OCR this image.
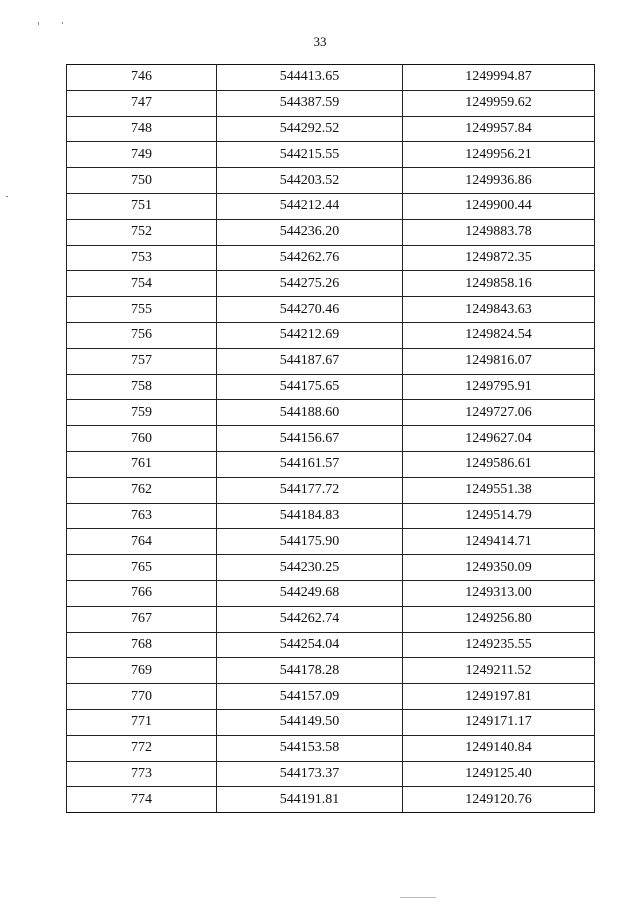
33
746	544413.65	1249994.87
747	544387.59	1249959.62
748	544292.52	1249957.84
749	544215.55	1249956.21
750	544203.52	1249936.86
751	544212.44	1249900.44
752	544236.20	1249883.78
753	544262.76	1249872.35
754	544275.26	1249858.16
755	544270.46	1249843.63
756	544212.69	1249824.54
757	544187.67	1249816.07
758	544175.65	1249795.91
759	544188.60	1249727.06
760	544156.67	1249627.04
761	544161.57	1249586.61
762	544177.72	1249551.38
763	544184.83	1249514.79
764	544175.90	1249414.71
765	544230.25	1249350.09
766	544249.68	1249313.00
767	544262.74	1249256.80
768	544254.04	1249235.55
769	544178.28	1249211.52
770	544157.09	1249197.81
771	544149.50	1249171.17
772	544153.58	1249140.84
773	544173.37	1249125.40
774	544191.81	1249120.76
